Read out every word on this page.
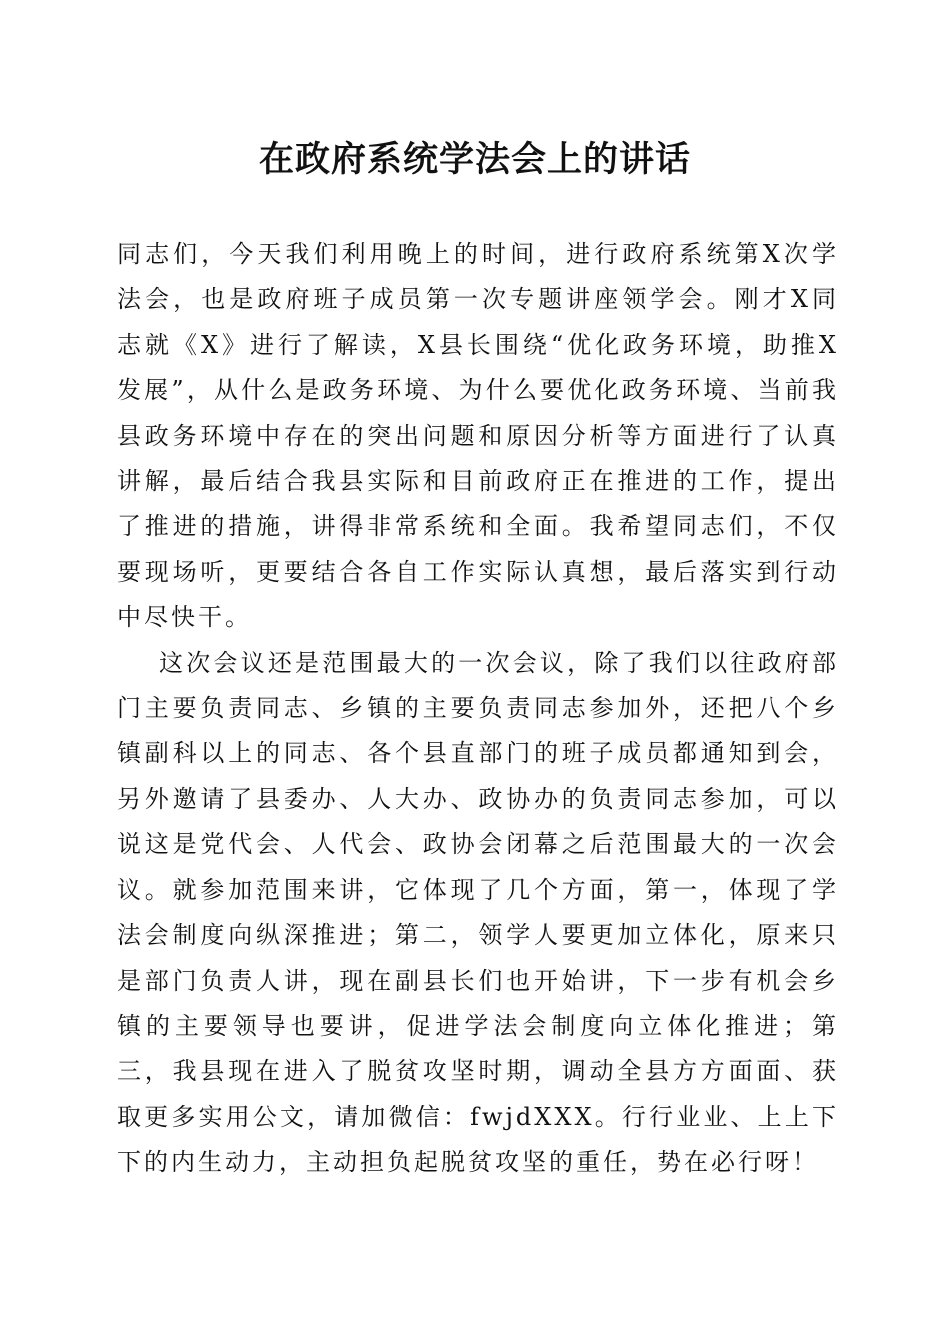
在政府系统学法会上的讲话

同志们，今天我们利用晚上的时间，进行政府系统第X次学法会，也是政府班子成员第一次专题讲座领学会。刚才X同志就《X》进行了解读，X县长围绕“优化政务环境，助推X发展”，从什么是政务环境、为什么要优化政务环境、当前我县政务环境中存在的突出问题和原因分析等方面进行了认真讲解，最后结合我县实际和目前政府正在推进的工作，提出了推进的措施，讲得非常系统和全面。我希望同志们，不仅要现场听，更要结合各自工作实际认真想，最后落实到行动中尽快干。

这次会议还是范围最大的一次会议，除了我们以往政府部门主要负责同志、乡镇的主要负责同志参加外，还把八个乡镇副科以上的同志、各个县直部门的班子成员都通知到会，另外邀请了县委办、人大办、政协办的负责同志参加，可以说这是党代会、人代会、政协会闭幕之后范围最大的一次会议。就参加范围来讲，它体现了几个方面，第一，体现了学法会制度向纵深推进；第二，领学人要更加立体化，原来只是部门负责人讲，现在副县长们也开始讲，下一步有机会乡镇的主要领导也要讲，促进学法会制度向立体化推进；第三，我县现在进入了脱贫攻坚时期，调动全县方方面面、获取更多实用公文，请加微信：fwjdXXX。行行业业、上上下下的内生动力，主动担负起脱贫攻坚的重任，势在必行呀！
